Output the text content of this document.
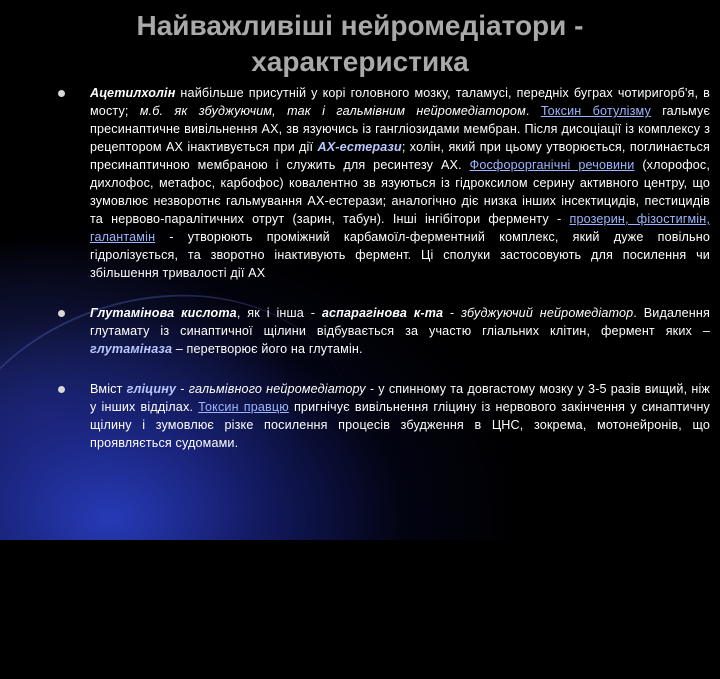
Найважливіші нейромедіатори -
характеристика
Ацетилхолін найбільше присутній у корі головного мозку, таламусі, передніх буграх чотиригорб'я, в мосту; м.б. як збуджуючим, так і гальмівним нейромедіатором. Токсин ботулізму гальмує пресинаптичне вивільнення АХ, зв язуючись із гангліозидами мембран. Після дисоціації із комплексу з рецептором АХ інактивується при дії АХ-естерази; холін, який при цьому утворюється, поглинається пресинаптичною мембраною і служить для ресинтезу АХ. Фосфорорганічні речовини (хлорофос, дихлофос, метафос, карбофос) ковалентно зв язуються із гідроксилом серину активного центру, що зумовлює незворотнє гальмування АХ-естерази; аналогічно діє низка інших інсектицидів, пестицидів та нервово-паралітичних отрут (зарин, табун). Інші інгібітори ферменту - прозерин, фізостигмін, галантамін - утворюють проміжний карбамоїл-ферментний комплекс, який дуже повільно гідролізується, та зворотно інактивують фермент. Ці сполуки застосовують для посилення чи збільшення тривалості дії АХ
Глутамінова кислота, як і інша - аспарагінова к-та - збуджуючий нейромедіатор. Видалення глутамату із синаптичної щілини відбувається за участю гліальних клітин, фермент яких – глутаміназа – перетворює його на глутамін.
Вміст гліцину - гальмівного нейромедіатору - у спинному та довгастому мозку у 3-5 разів вищий, ніж у інших відділах. Токсин правцю пригнічує вивільнення гліцину із нервового закінчення у синаптичну щілину і зумовлює різке посилення процесів збудження в ЦНС, зокрема, мотонейронів, що проявляється судомами.
